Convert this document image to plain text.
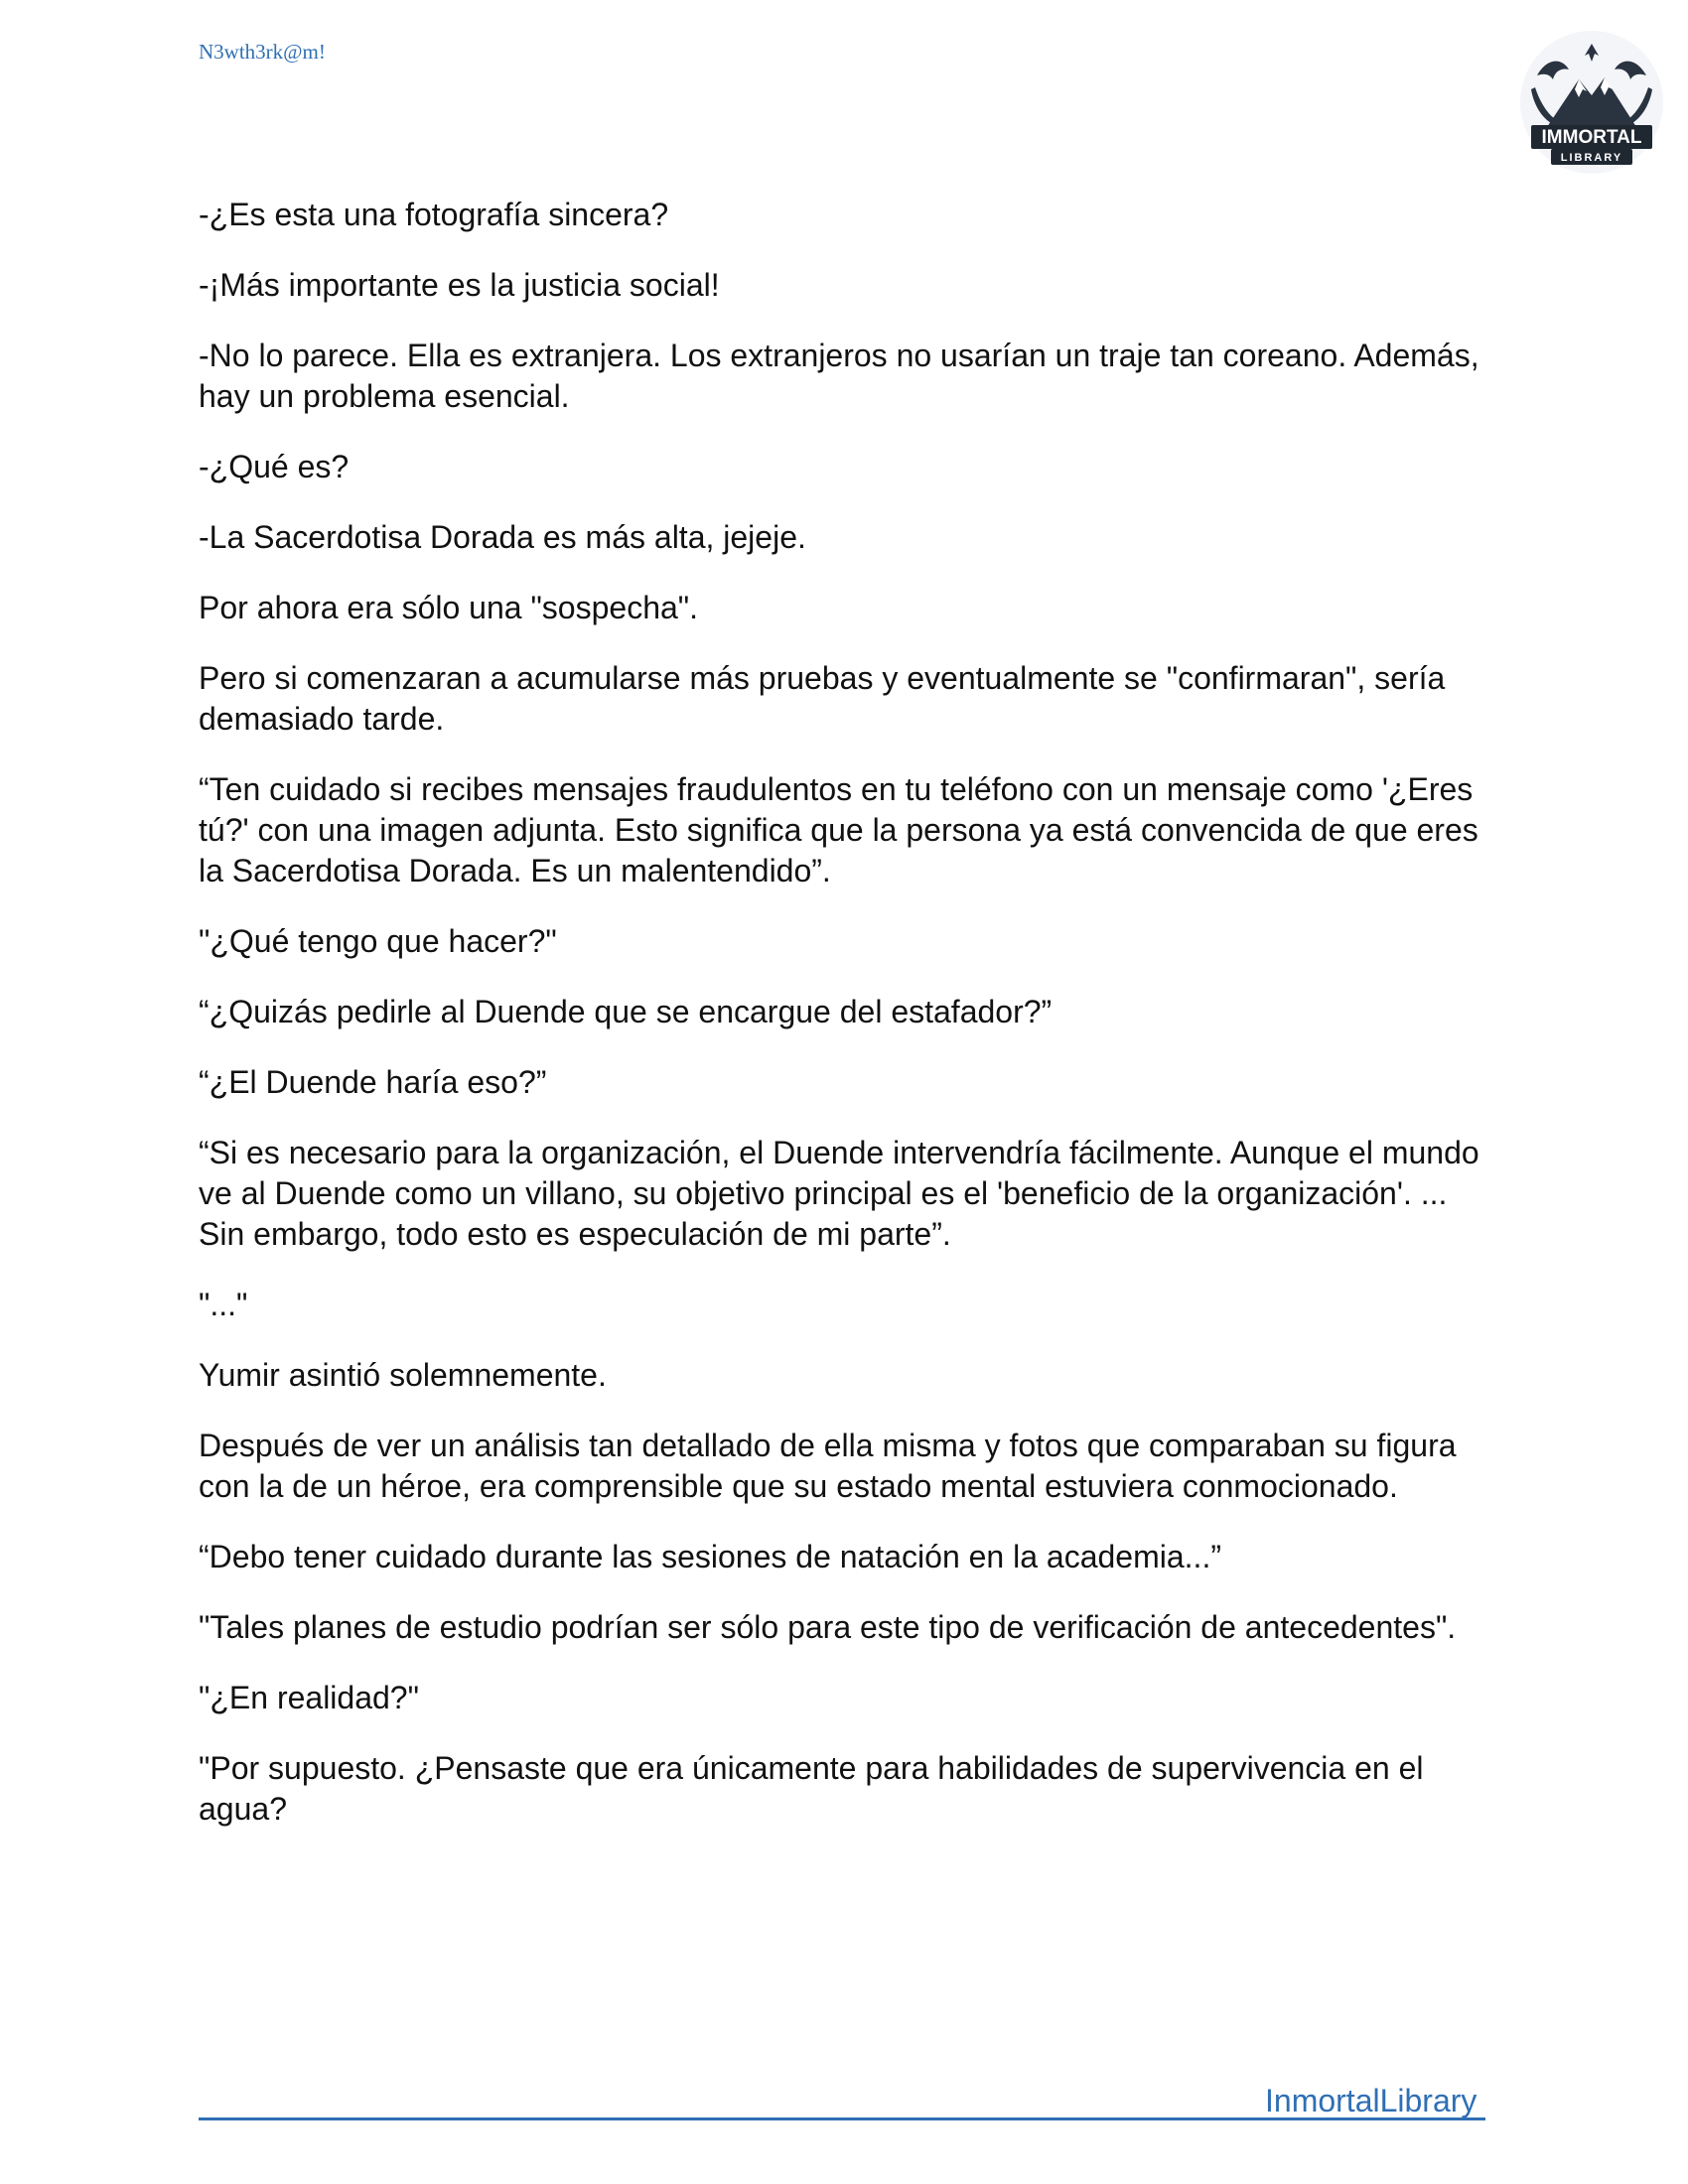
N3wth3rk@m!
IMMORTAL
LIBRARY

-¿Es esta una fotografía sincera?

-¡Más importante es la justicia social!

-No lo parece. Ella es extranjera. Los extranjeros no usarían un traje tan coreano. Además, hay un problema esencial.

-¿Qué es?

-La Sacerdotisa Dorada es más alta, jejeje.

Por ahora era sólo una "sospecha".

Pero si comenzaran a acumularse más pruebas y eventualmente se "confirmaran", sería demasiado tarde.

“Ten cuidado si recibes mensajes fraudulentos en tu teléfono con un mensaje como '¿Eres tú?' con una imagen adjunta. Esto significa que la persona ya está convencida de que eres la Sacerdotisa Dorada. Es un malentendido”.

"¿Qué tengo que hacer?"

“¿Quizás pedirle al Duende que se encargue del estafador?”

“¿El Duende haría eso?”

“Si es necesario para la organización, el Duende intervendría fácilmente. Aunque el mundo ve al Duende como un villano, su objetivo principal es el 'beneficio de la organización'. ... Sin embargo, todo esto es especulación de mi parte”.

"..."

Yumir asintió solemnemente.

Después de ver un análisis tan detallado de ella misma y fotos que comparaban su figura con la de un héroe, era comprensible que su estado mental estuviera conmocionado.

“Debo tener cuidado durante las sesiones de natación en la academia...”

"Tales planes de estudio podrían ser sólo para este tipo de verificación de antecedentes".

"¿En realidad?"

"Por supuesto. ¿Pensaste que era únicamente para habilidades de supervivencia en el agua?

InmortalLibrary
